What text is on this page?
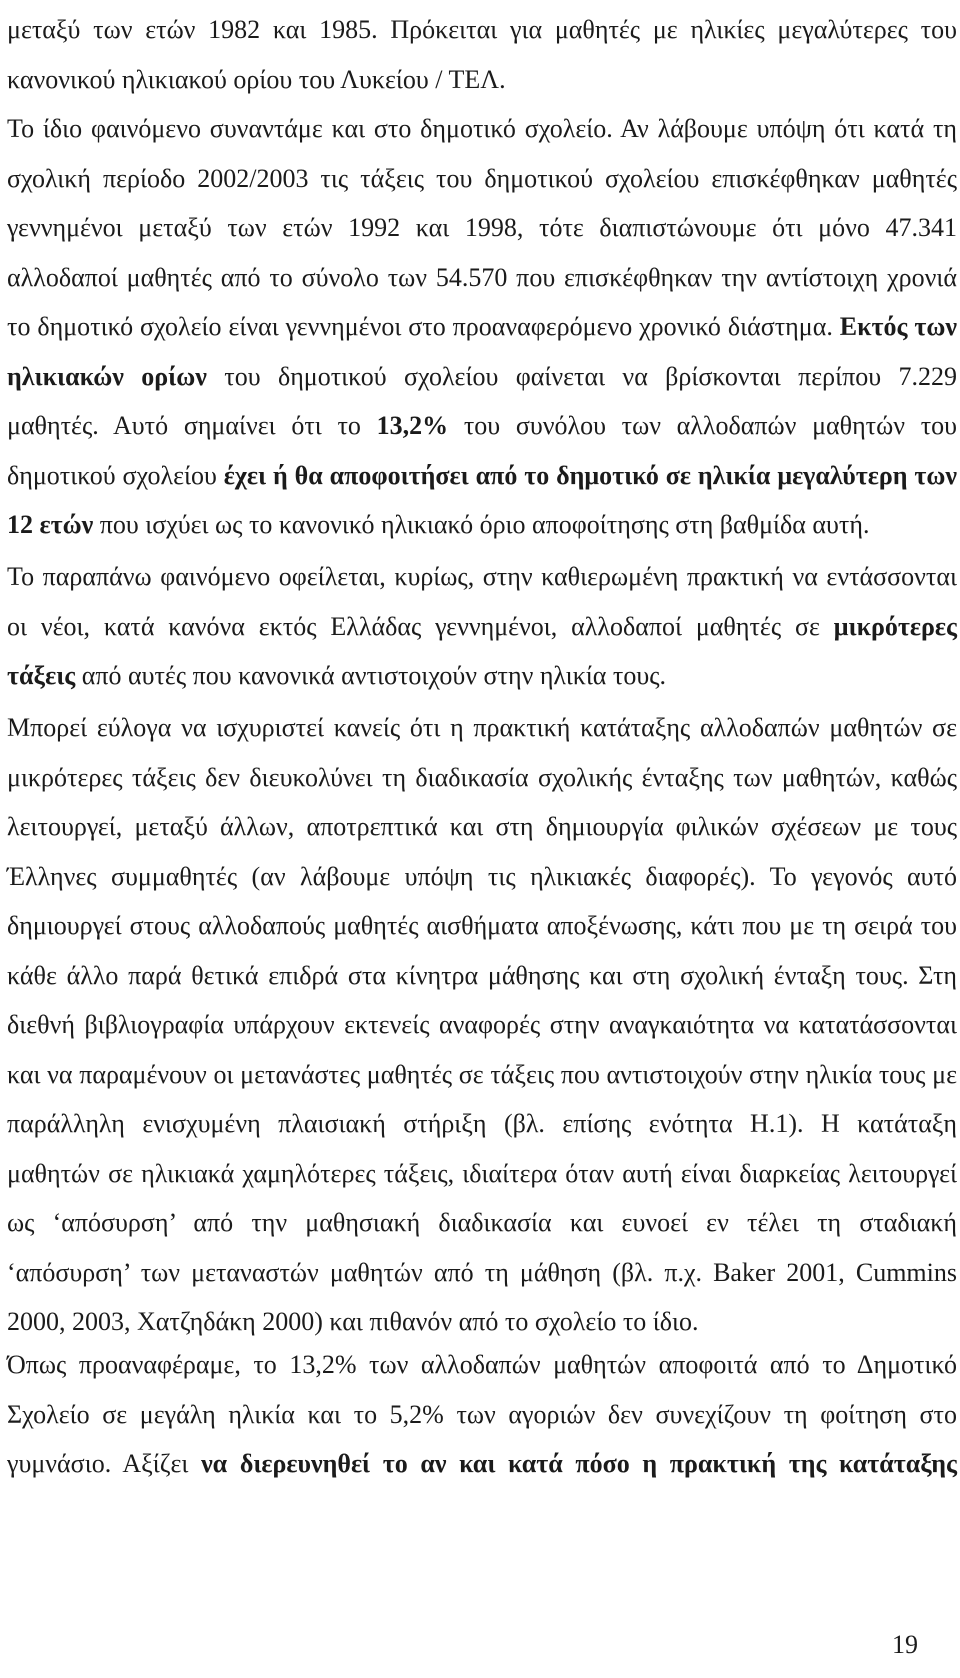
μεταξύ των ετών 1982 και 1985. Πρόκειται για μαθητές με ηλικίες μεγαλύτερες του κανονικού ηλικιακού ορίου του Λυκείου / ΤΕΛ.

Το ίδιο φαινόμενο συναντάμε και στο δημοτικό σχολείο. Αν λάβουμε υπόψη ότι κατά τη σχολική περίοδο 2002/2003 τις τάξεις του δημοτικού σχολείου επισκέφθηκαν μαθητές γεννημένοι μεταξύ των ετών 1992 και 1998, τότε διαπιστώνουμε ότι μόνο 47.341 αλλοδαποί μαθητές από το σύνολο των 54.570 που επισκέφθηκαν την αντίστοιχη χρονιά το δημοτικό σχολείο είναι γεννημένοι στο προαναφερόμενο χρονικό διάστημα. Εκτός των ηλικιακών ορίων του δημοτικού σχολείου φαίνεται να βρίσκονται περίπου 7.229 μαθητές. Αυτό σημαίνει ότι το 13,2% του συνόλου των αλλοδαπών μαθητών του δημοτικού σχολείου έχει ή θα αποφοιτήσει από το δημοτικό σε ηλικία μεγαλύτερη των 12 ετών που ισχύει ως το κανονικό ηλικιακό όριο αποφοίτησης στη βαθμίδα αυτή.

Το παραπάνω φαινόμενο οφείλεται, κυρίως, στην καθιερωμένη πρακτική να εντάσσονται οι νέοι, κατά κανόνα εκτός Ελλάδας γεννημένοι, αλλοδαποί μαθητές σε μικρότερες τάξεις από αυτές που κανονικά αντιστοιχούν στην ηλικία τους.

Μπορεί εύλογα να ισχυριστεί κανείς ότι η πρακτική κατάταξης αλλοδαπών μαθητών σε μικρότερες τάξεις δεν διευκολύνει τη διαδικασία σχολικής ένταξης των μαθητών, καθώς λειτουργεί, μεταξύ άλλων, αποτρεπτικά και στη δημιουργία φιλικών σχέσεων με τους Έλληνες συμμαθητές (αν λάβουμε υπόψη τις ηλικιακές διαφορές). Το γεγονός αυτό δημιουργεί στους αλλοδαπούς μαθητές αισθήματα αποξένωσης, κάτι που με τη σειρά του κάθε άλλο παρά θετικά επιδρά στα κίνητρα μάθησης και στη σχολική ένταξη τους. Στη διεθνή βιβλιογραφία υπάρχουν εκτενείς αναφορές στην αναγκαιότητα να κατατάσσονται και να παραμένουν οι μετανάστες μαθητές σε τάξεις που αντιστοιχούν στην ηλικία τους με παράλληλη ενισχυμένη πλαισιακή στήριξη (βλ. επίσης ενότητα Η.1). Η κατάταξη μαθητών σε ηλικιακά χαμηλότερες τάξεις, ιδιαίτερα όταν αυτή είναι διαρκείας λειτουργεί ως ‘απόσυρση’ από την μαθησιακή διαδικασία και ευνοεί εν τέλει τη σταδιακή ‘απόσυρση’ των μεταναστών μαθητών από τη μάθηση (βλ. π.χ. Baker 2001, Cummins 2000, 2003, Χατζηδάκη 2000) και πιθανόν από το σχολείο το ίδιο.

Όπως προαναφέραμε, το 13,2% των αλλοδαπών μαθητών αποφοιτά από το Δημοτικό Σχολείο σε μεγάλη ηλικία και το 5,2% των αγοριών δεν συνεχίζουν τη φοίτηση στο γυμνάσιο. Αξίζει να διερευνηθεί το αν και κατά πόσο η πρακτική της κατάταξης

19
